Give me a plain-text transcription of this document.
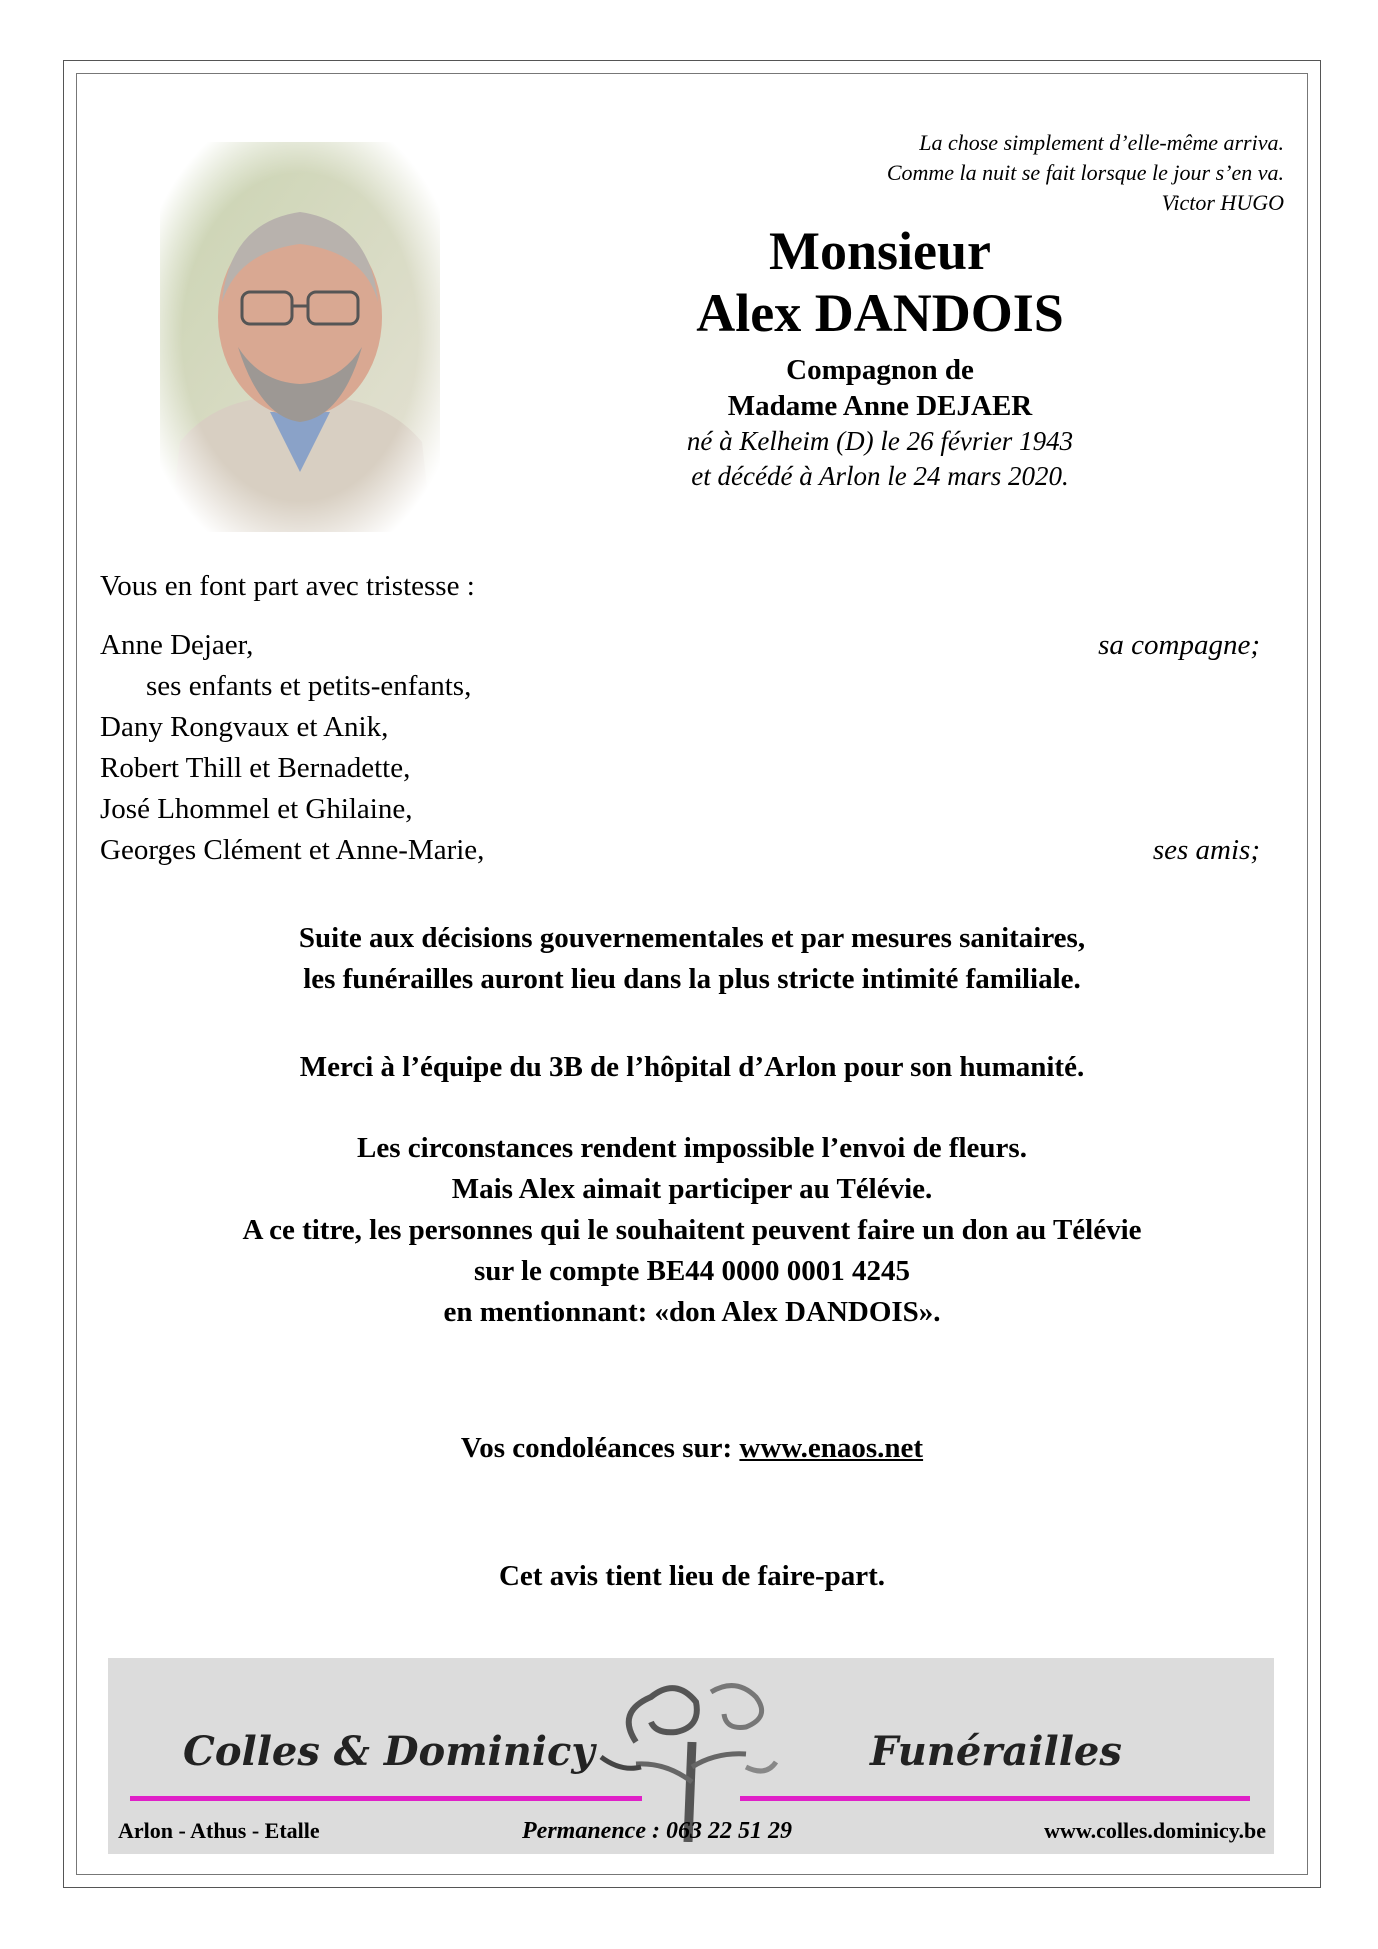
La chose simplement d’elle-même arriva.
Comme la nuit se fait lorsque le jour s’en va.
Victor HUGO
Monsieur
Alex DANDOIS
Compagnon de
Madame Anne DEJAER
né à Kelheim (D) le 26 février 1943
et décédé à Arlon le 24 mars 2020.
Vous en font part avec tristesse :
Anne Dejaer,	sa compagne;
ses enfants et petits-enfants,
Dany Rongvaux et Anik,
Robert Thill et Bernadette,
José Lhommel et Ghilaine,
Georges Clément et Anne-Marie,	ses amis;
Suite aux décisions gouvernementales et par mesures sanitaires,
les funérailles auront lieu dans la plus stricte intimité familiale.
Merci à l’équipe du 3B de l’hôpital d’Arlon pour son humanité.
Les circonstances rendent impossible l’envoi de fleurs.
Mais Alex aimait participer au Télévie.
A ce titre, les personnes qui le souhaitent peuvent faire un don au Télévie
sur le compte BE44 0000 0001 4245
en mentionnant: «don Alex DANDOIS».
Vos condoléances sur: www.enaos.net
Cet avis tient lieu de faire-part.
Colles & Dominicy	Funérailles
Arlon - Athus - Etalle	Permanence : 063 22 51 29	www.colles.dominicy.be
